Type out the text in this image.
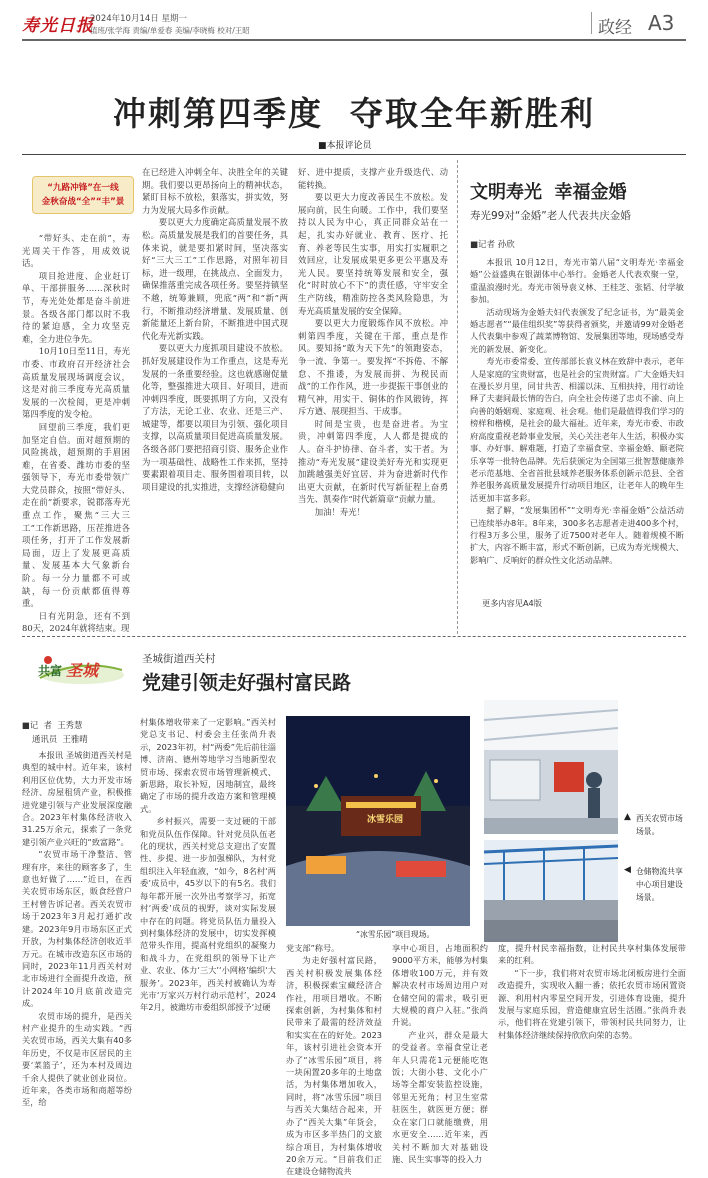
寿光日报
2024年10月14日 星期一
值班/张学海 责编/单爱春 美编/李晓梅 校对/王昭	政经 A3
冲刺第四季度  夺取全年新胜利
■本报评论员
“九路冲锋”在一线
金秋奋战“全”“丰”景

“带好头、走在前”，寿光周关干作答，用成效说话。

项目抢进度、企业赶订单、干部拼服务……深秋时节，寿光处处都是奋斗前进景。各级各部门都以时不我待的紧迫感，全力攻坚克难，全力进位争先。

10月10日至11日，寿光市委、市政府召开经济社会高质量发展现场调度会议，这是对前三季度寿光高质量发展的一次检阅，更是冲刺第四季度的发令枪。

回望前三季度，我们更加坚定自信。面对超预期的风险挑战，超预期的手眉困难，在省委、潍坊市委的坚强领导下，寿光市委带领广大党员群众，按照“带好头、走在前”新要求，锐郡落寿光重点工作，聚焦“三大三工”工作新思路，压茬推进各项任务，打开了工作发展新局面，迈上了发展更高质量、发展基本大气象新台阶。每一分力量都不可或缺，每一份贡献都值得尊重。

日有光阴急，还有不到80天，2024年就将结束。现

在已经进入冲刺全年、决胜全年的关键期。我们要以更昂扬向上的精神状态，紧盯目标不放松，狠落实，拼实效，努力为发展大局多作贡献。

要以更大力度确定高质量发展不放松。高质量发展是我们的首要任务，具体来说，就是要扣紧时间，坚决落实好“三大三工”工作思路，对照年初目标，进一级理，在挑战点、全面发力，确保推落重完成各项任务。要坚持镇坚不越，统筹兼顾，兜底“两”和“新”两行，不断推动经济增量、发展质量、创新能量还上新台阶，不断推进中国式现代化寿光新实践。

要以更大力度抓项目建设不放松。抓好发展建设作为工作重点，这是寿光发展的一条重要经验。这也就感谢促量化等，整强推进大项目、好项目，进而冲刺四季度，既要抓明了方向，又没有了方法，无论工业、农业、还是三产、城建等，都要以项目为引领、强化项目支撑，以高质量项目促进高质量发展。各级各部门要把招商引资、服务企业作为一项基础性、战略性工作来抓，坚持要素跟着项目走、服务围着项目转，以项目建设的扎实推进，支撑经济稳健向

好、进中提质，支撑产业升级迭代、动能转换。

要以更大力度改善民生不放松。发展向前，民生向暖。工作中，我们要坚持以人民为中心，真正同群众站在一起，扎实办好就业、教育、医疗、托育、养老等民生实事，用实打实履职之效回应，让发展成果更多更公平惠及寿光人民。要坚持统筹发展和安全，强化“时时放心不下”的责任感，守牢安全生产防线，精准防控各类风险隐患，为寿光高质量发展的安全保障。

要以更大力度锻炼作风不放松。冲刺第四季度，关键在干部，重点是作风。要知扬“敢为天下先”的领跑姿态，争一流、争第一。要发挥“不拆倦、不解怠、不推诿，为发展而拼、为税民而战”的工作作风，进一步提振干事创业的精气神，用实干、铜体的作风锻铸，挥斥方遒、展现担当、干成事。

时间是宝贵，也是奋进者。为宝贵，冲刺第四季度，人人都是提成的人。奋斗护协律、奋斗者，实干者。为推动“寿光发展”建设美好寿光和实现更加跳越强美好宜居、并为奋进新时代作出更大贡献，在新时代写新征程上奋勇当先、凯奏作“时代新篇章”贡献力量。

加油！寿光！

文明寿光  幸福金婚
寿光99对“金婚”老人代表共庆金婚
■记者 孙欣

本报讯 10月12日，寿光市第八届“文明寿光·幸福金婚”公益盛典在银湖体中心举行。金婚老人代表欢聚一堂，重温浪漫时光。寿光市领导袁义林、王桂芝、张韬、付学敏参加。

活动现场为金婚夫妇代表颁发了纪念证书，为“最美金婚志愿者”“最佳组织奖”等获得者颁奖，并邀请99对金婚老人代表集中参观了蔬菜博物馆、发展集团等地，现场感受寿光的新发展、新变化。

寿光市委常委、宣传部部长袁义林在致辞中表示，老年人是家庭的宝贵财富，也是社会的宝贵财富。广大金婚夫妇在漫长岁月里，同甘共苦、相濡以沫、互相扶持，用行动诠释了夫妻间最长情的告白，向全社会传递了忠贞不渝、向上向善的婚姻观、家庭观、社会观。他们是最值得我们学习的榜样和楷模，是社会的最大福祉。近年来，寿光市委、市政府高度重视老龄事业发展，关心关注老年人生活，积极办实事、办好事、解难题，打造了幸福食堂、幸福金婚、颐老院乐享等一批特色品牌。先后获颁定为全国第三批智慧健康养老示范基地、全省首批县域养老服务体系创新示范县、全省养老服务高质量发展提升行动项目地区，让老年人的晚年生活更加丰富多彩。

据了解，“发展集团杯”“文明寿光·幸福金婚”公益活动已连续举办8年。8年来，300多名志愿者走进400多个村，行程3万多公里，服务了近7500对老年人。随着规模不断扩大，内容不断丰富，形式不断创新，已成为寿光规模大、影响广、反响好的群众性文化活动品牌。

更多内容见A4版
共富 圣城
圣城街道西关村
党建引领走好强村富民路
■记  者  王秀慧
通讯员  王雅晴

本报讯 圣城街道西关村是典型的城中村。近年来，该村利用区位优势，大力开发市场经济、房屋租赁产业，积极推进党建引领与产业发展深度融合。2023年村集体经济收入31.25万余元，探索了一条党建引领产业兴旺的“致富路”。

“农贸市场干净整洁、管理有序，来往的顾客多了，生意也好做了……”近日，在西关农贸市场东区，販食经营户王村曾告诉记者。西关农贸市场于2023年3月起打通扩改建。2023年9月市场东区正式开放，为村集体经济创收近半万元。在城市改造东区市场的同时，2023年11月西关村对北市场进行全面提升改造，预计2024年10月底前改造完成。

农贸市场的提升，是西关村产业提升的生动实践。“西关农贸市场，西关大集有40多年历史，不仅是市区居民的主要‘菜篮子’，还为本村及周边千余人提供了就业创业岗位。近年来，各类市场和商超等纷至，给

村集体增收带来了一定影响。”西关村党总支书记、村委会主任张尚升表示，2023年初，村“两委”先后前往淄博、济南、德州等地学习当地新型农贸市场、探索农贸市场管理新模式、新思路，取长补短，因地制宜，最终确定了市场的提升改造方案和管理模式。

乡村振兴，需要一支过硬的干部和党员队伍作保障。针对党员队伍老化的现状，西关村党总支迎出了安置性、步提、进一步加强梯队，为村党组织注入年轻血液，“如今，8名村‘两委’成员中，45岁以下的有5名。我们每年都开展一次外出考察学习，拓宽村‘两委’成员的视野，谈对实际发展中存在的问题。将党员队伍力量投入到村集体经济的发展中，切实发挥模范带头作用，提高村党组织的凝聚力和战斗力，在党组织的领导下让产业、农业、体力‘三大’‘小网格’编织‘大服务’。2023年，西关村被确认为寿光市‘万家兴万村行动示范村’，2024年2月，被潍坊市委组织部授予‘过硬

冰雪乐园
“冰雪乐园”项目现场。
▲ 西关农贸市场场景。
◀ 仓储物流共享中心项目建设场景。

党支部”称号。

为走好强村富民路，西关村积极发展集体经济，积极探索宝藏经济合作社，用项目增收。不断探索创新，为村集体和村民带来了最需的经济效益和实实在在的好处。2023年，该村引进社会资本开办了“冰雪乐园”项目，将一块闲置20多年的土地盘活，为村集体增加收入，同时，将“冰雪乐园”项目与西关大集结合起来，开办了“西关大集”年货会，成为市区多半热门的文旅综合项目，为村集体增收20余万元。“目前我们正在建设仓储物流共

享中心项目，占地面积约9000平方米，能够为村集体增收100万元，并有效解决农村市场周边用户对仓储空间的需求，吸引更大规模的商户入驻。”张尚升说。

产业兴，群众是最大的受益者。幸福食堂让老年人只需花1元便能吃饱饭；大街小巷、文化小广场等全都安装监控设施，邻里无死角；村卫生室常驻医生，就医更方便；群众在家门口就能缴费，用水更安全……近年来，西关村不断加大对基础设施、民生实事等的投入力

度，提升村民幸福指数，让村民共享村集体发展带来的红利。

“下一步，我们将对农贸市场北闭板房进行全面改造提升，实现收入翻一番；依托农贸市场闲置资源、利用村内零星空间开发，引进体育设施，提升发展与家庭乐园，营造健康宜居生活圈。”张尚升表示，他们将在党建引领下，带领村民共同努力，让村集体经济继续保持欣欣向荣的态势。
